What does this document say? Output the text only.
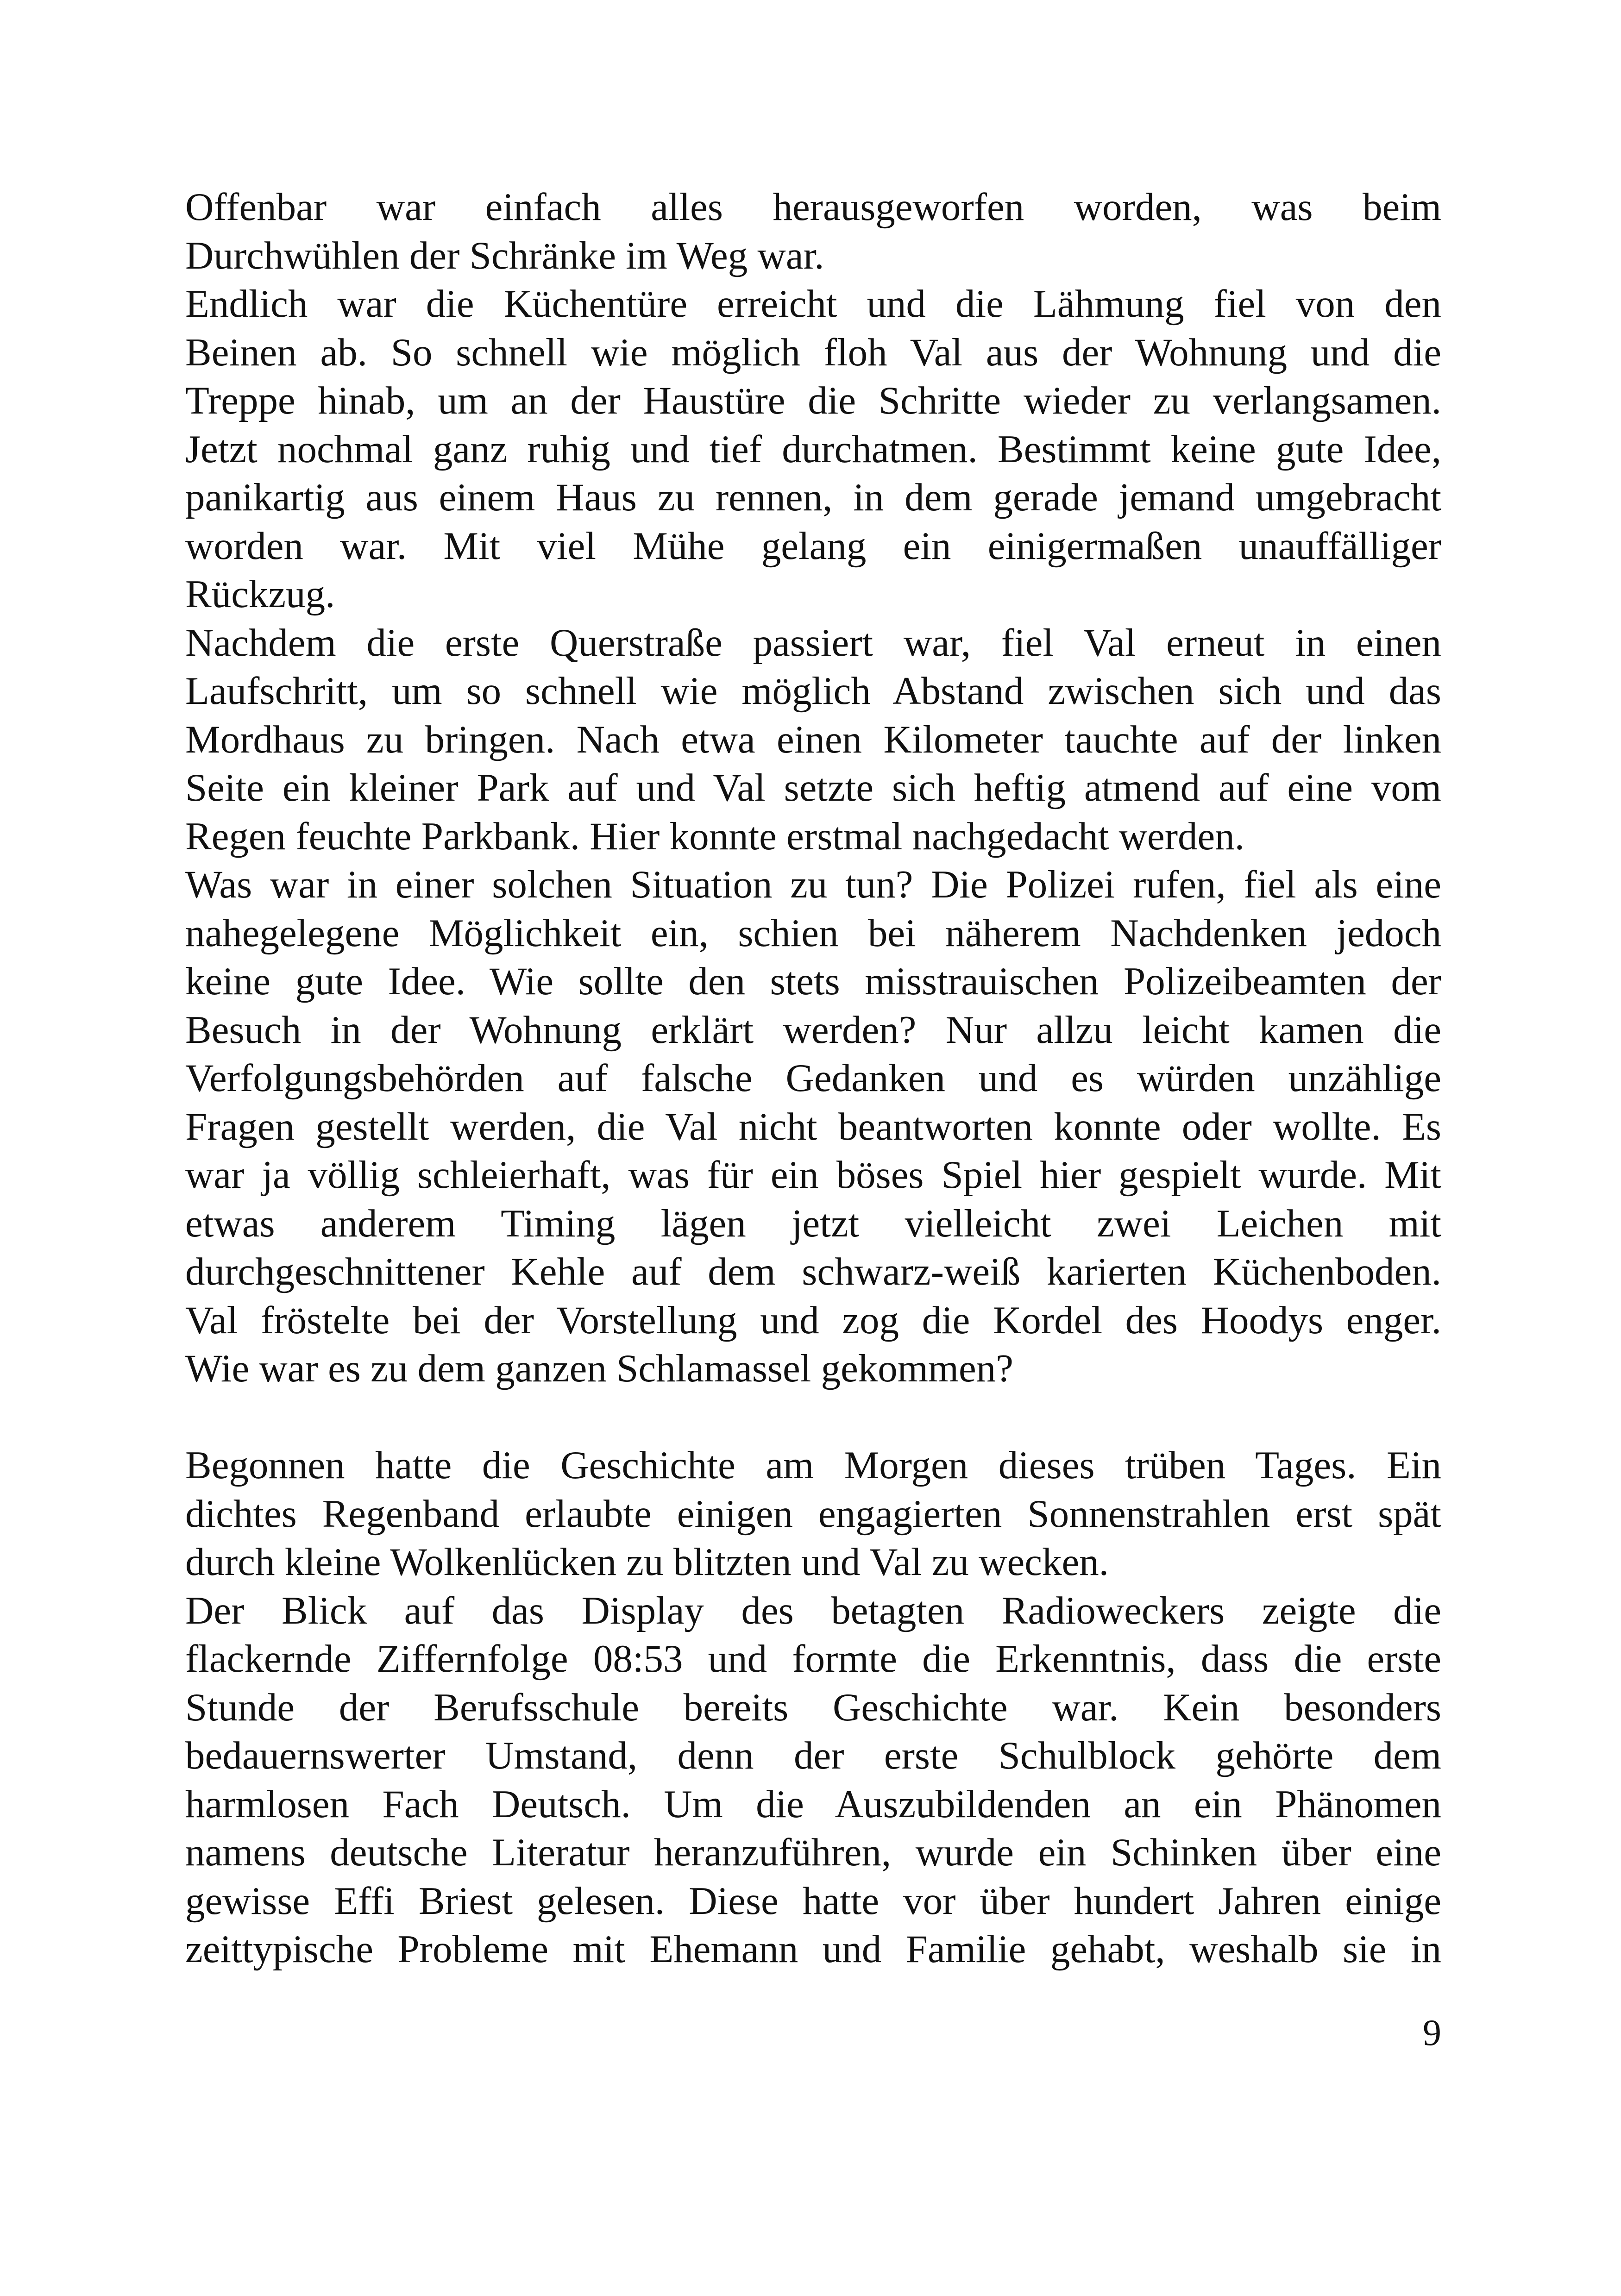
Offenbar war einfach alles herausgeworfen worden, was beim
Durchwühlen der Schränke im Weg war.
Endlich war die Küchentüre erreicht und die Lähmung fiel von den
Beinen ab. So schnell wie möglich floh Val aus der Wohnung und die
Treppe hinab, um an der Haustüre die Schritte wieder zu verlangsamen.
Jetzt nochmal ganz ruhig und tief durchatmen. Bestimmt keine gute Idee,
panikartig aus einem Haus zu rennen, in dem gerade jemand umgebracht
worden war. Mit viel Mühe gelang ein einigermaßen unauffälliger
Rückzug.
Nachdem die erste Querstraße passiert war, fiel Val erneut in einen
Laufschritt, um so schnell wie möglich Abstand zwischen sich und das
Mordhaus zu bringen. Nach etwa einen Kilometer tauchte auf der linken
Seite ein kleiner Park auf und Val setzte sich heftig atmend auf eine vom
Regen feuchte Parkbank. Hier konnte erstmal nachgedacht werden.
Was war in einer solchen Situation zu tun? Die Polizei rufen, fiel als eine
nahegelegene Möglichkeit ein, schien bei näherem Nachdenken jedoch
keine gute Idee. Wie sollte den stets misstrauischen Polizeibeamten der
Besuch in der Wohnung erklärt werden? Nur allzu leicht kamen die
Verfolgungsbehörden auf falsche Gedanken und es würden unzählige
Fragen gestellt werden, die Val nicht beantworten konnte oder wollte. Es
war ja völlig schleierhaft, was für ein böses Spiel hier gespielt wurde. Mit
etwas anderem Timing lägen jetzt vielleicht zwei Leichen mit
durchgeschnittener Kehle auf dem schwarz-weiß karierten Küchenboden.
Val fröstelte bei der Vorstellung und zog die Kordel des Hoodys enger.
Wie war es zu dem ganzen Schlamassel gekommen?
Begonnen hatte die Geschichte am Morgen dieses trüben Tages. Ein
dichtes Regenband erlaubte einigen engagierten Sonnenstrahlen erst spät
durch kleine Wolkenlücken zu blitzten und Val zu wecken.
Der Blick auf das Display des betagten Radioweckers zeigte die
flackernde Ziffernfolge 08:53 und formte die Erkenntnis, dass die erste
Stunde der Berufsschule bereits Geschichte war. Kein besonders
bedauernswerter Umstand, denn der erste Schulblock gehörte dem
harmlosen Fach Deutsch. Um die Auszubildenden an ein Phänomen
namens deutsche Literatur heranzuführen, wurde ein Schinken über eine
gewisse Effi Briest gelesen. Diese hatte vor über hundert Jahren einige
zeittypische Probleme mit Ehemann und Familie gehabt, weshalb sie in
9
